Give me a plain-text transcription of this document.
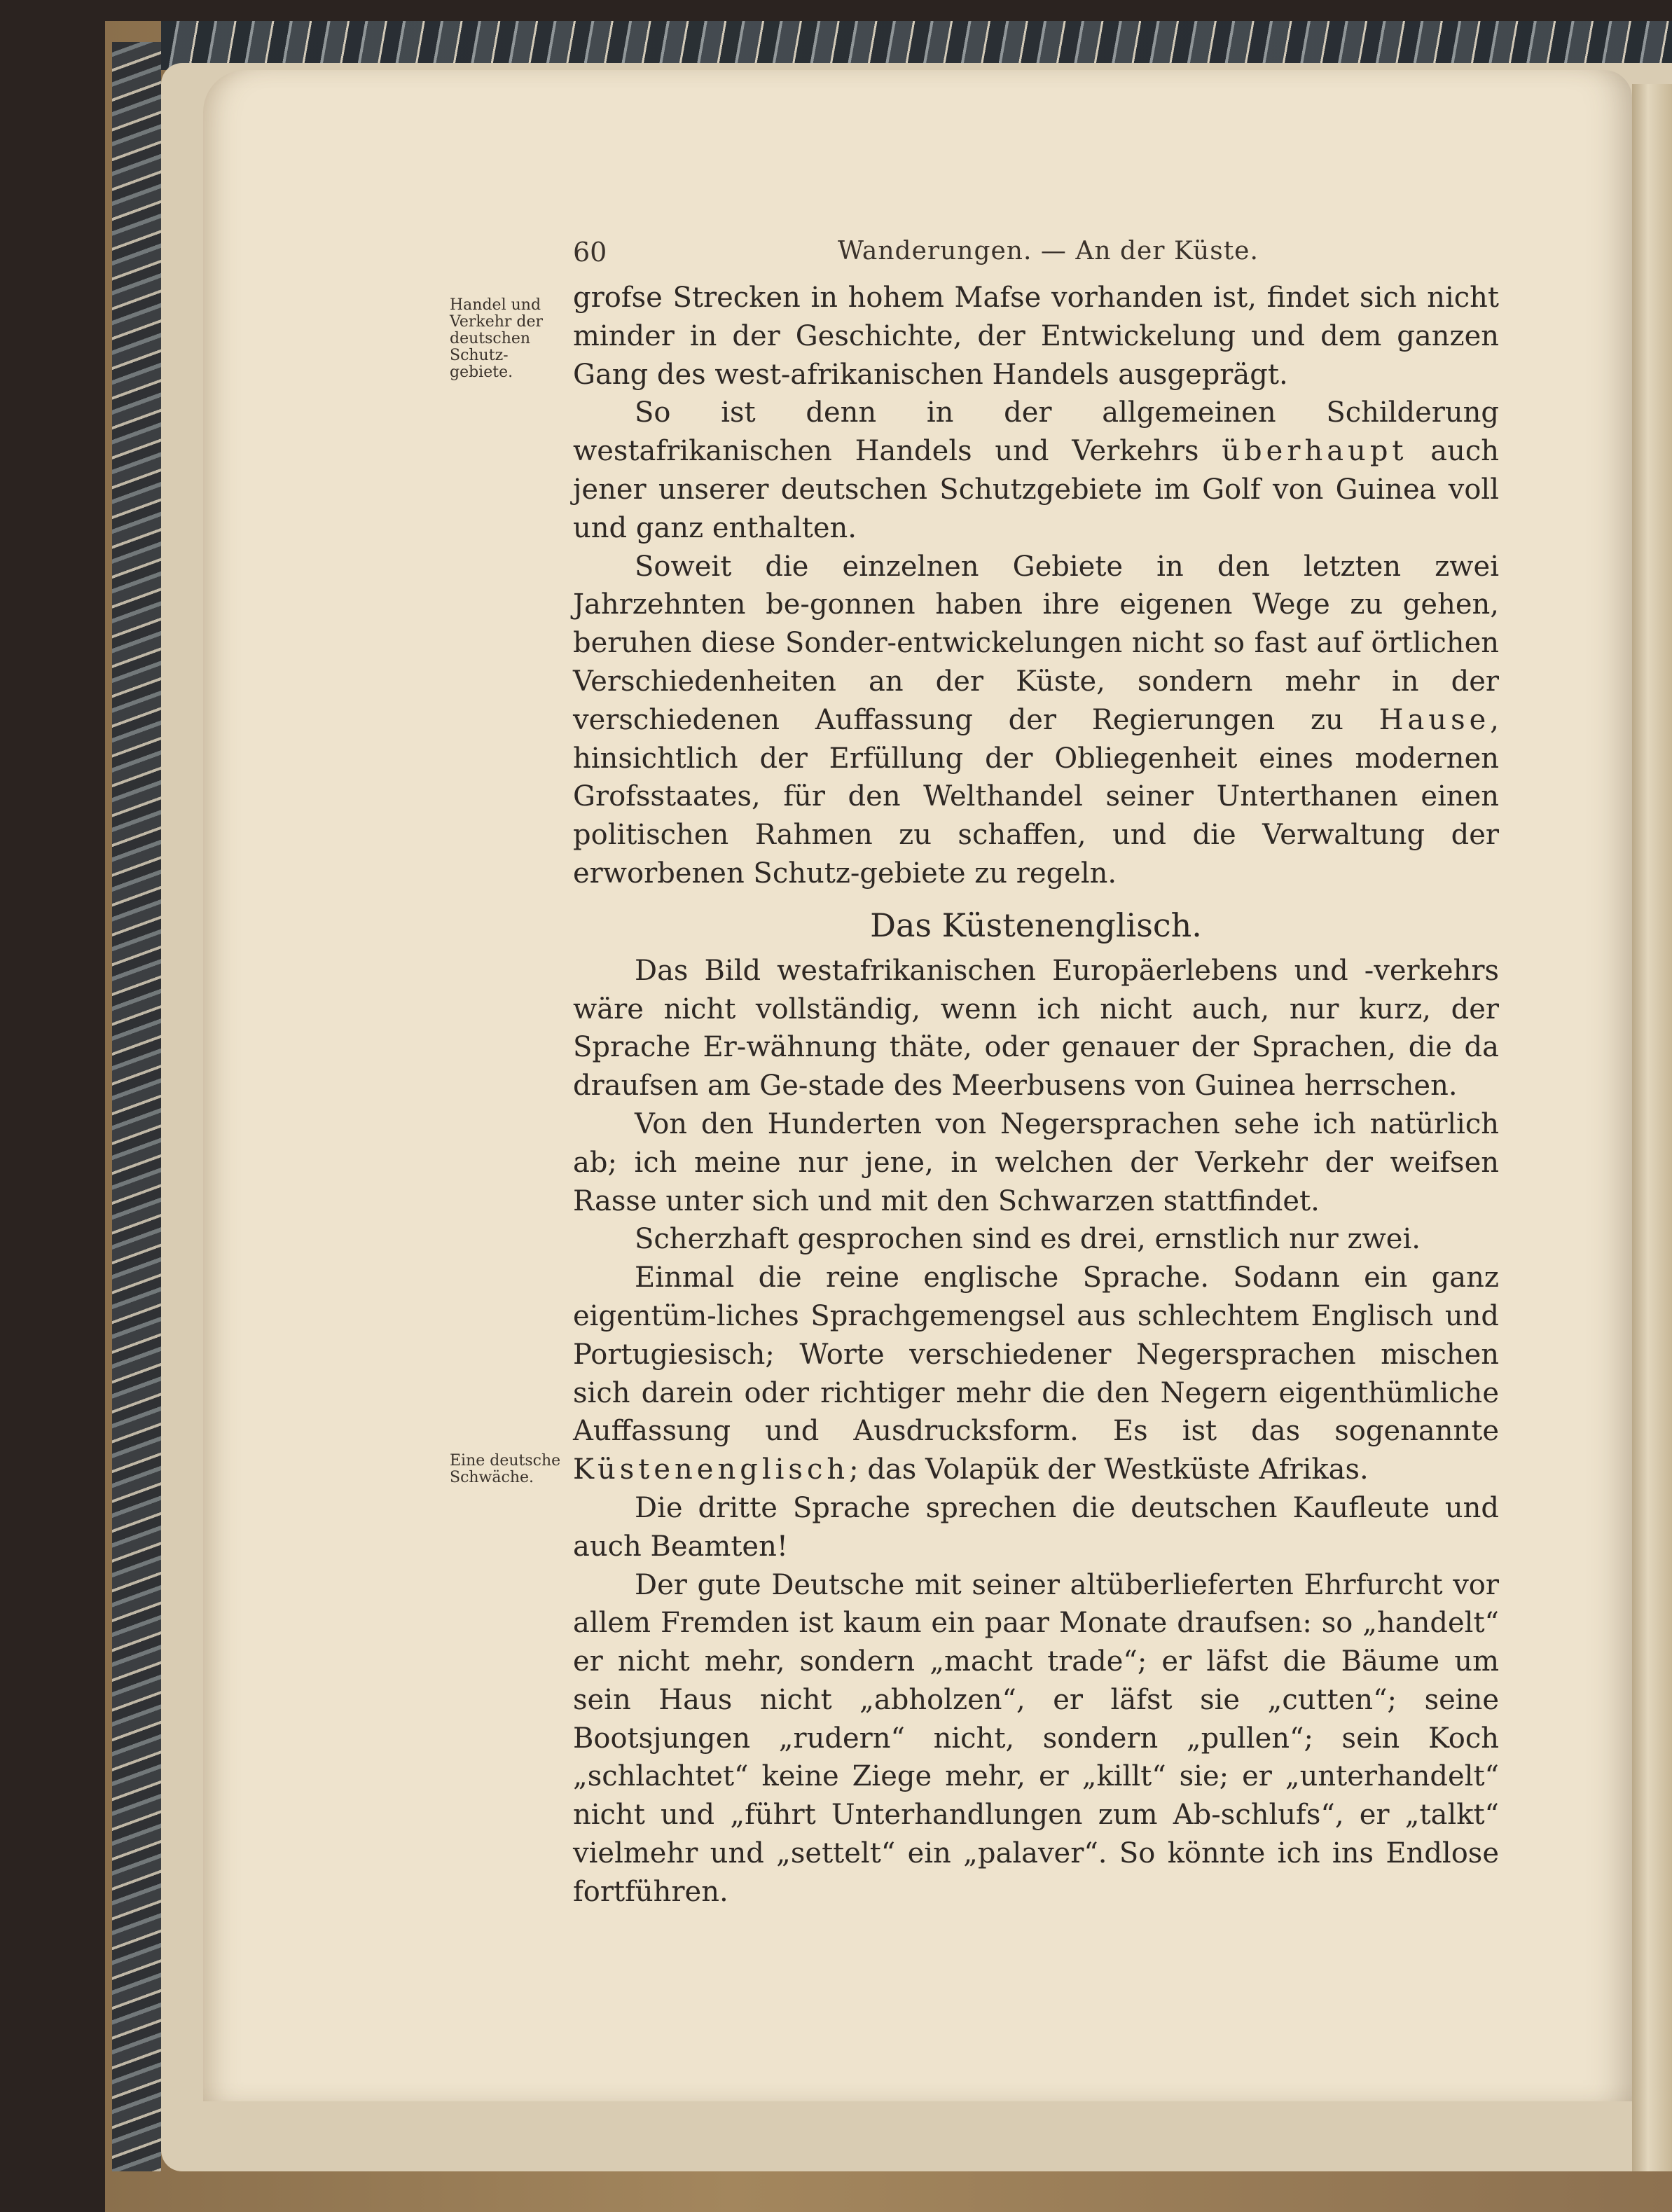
60	Wanderungen. — An der Küste.
Handel und Verkehr der deutschen Schutz-gebiete.
Eine deutsche Schwäche.

grofse Strecken in hohem Mafse vorhanden ist, findet sich nicht minder in der Geschichte, der Entwickelung und dem ganzen Gang des west-afrikanischen Handels ausgeprägt.

So ist denn in der allgemeinen Schilderung westafrikanischen Handels und Verkehrs überhaupt auch jener unserer deutschen Schutzgebiete im Golf von Guinea voll und ganz enthalten.

Soweit die einzelnen Gebiete in den letzten zwei Jahrzehnten be-gonnen haben ihre eigenen Wege zu gehen, beruhen diese Sonder-entwickelungen nicht so fast auf örtlichen Verschiedenheiten an der Küste, sondern mehr in der verschiedenen Auffassung der Regierungen zu Hause, hinsichtlich der Erfüllung der Obliegenheit eines modernen Grofsstaates, für den Welthandel seiner Unterthanen einen politischen Rahmen zu schaffen, und die Verwaltung der erworbenen Schutz-gebiete zu regeln.

Das Küstenenglisch.

Das Bild westafrikanischen Europäerlebens und -verkehrs wäre nicht vollständig, wenn ich nicht auch, nur kurz, der Sprache Er-wähnung thäte, oder genauer der Sprachen, die da draufsen am Ge-stade des Meerbusens von Guinea herrschen.

Von den Hunderten von Negersprachen sehe ich natürlich ab; ich meine nur jene, in welchen der Verkehr der weifsen Rasse unter sich und mit den Schwarzen stattfindet.

Scherzhaft gesprochen sind es drei, ernstlich nur zwei.

Einmal die reine englische Sprache. Sodann ein ganz eigentüm-liches Sprachgemengsel aus schlechtem Englisch und Portugiesisch; Worte verschiedener Negersprachen mischen sich darein oder richtiger mehr die den Negern eigenthümliche Auffassung und Ausdrucksform. Es ist das sogenannte Küstenenglisch; das Volapük der Westküste Afrikas.

Die dritte Sprache sprechen die deutschen Kaufleute und auch Beamten!

Der gute Deutsche mit seiner altüberlieferten Ehrfurcht vor allem Fremden ist kaum ein paar Monate draufsen: so „handelt“ er nicht mehr, sondern „macht trade“; er läfst die Bäume um sein Haus nicht „abholzen“, er läfst sie „cutten“; seine Bootsjungen „rudern“ nicht, sondern „pullen“; sein Koch „schlachtet“ keine Ziege mehr, er „killt“ sie; er „unterhandelt“ nicht und „führt Unterhandlungen zum Ab-schlufs“, er „talkt“ vielmehr und „settelt“ ein „palaver“. So könnte ich ins Endlose fortführen.
